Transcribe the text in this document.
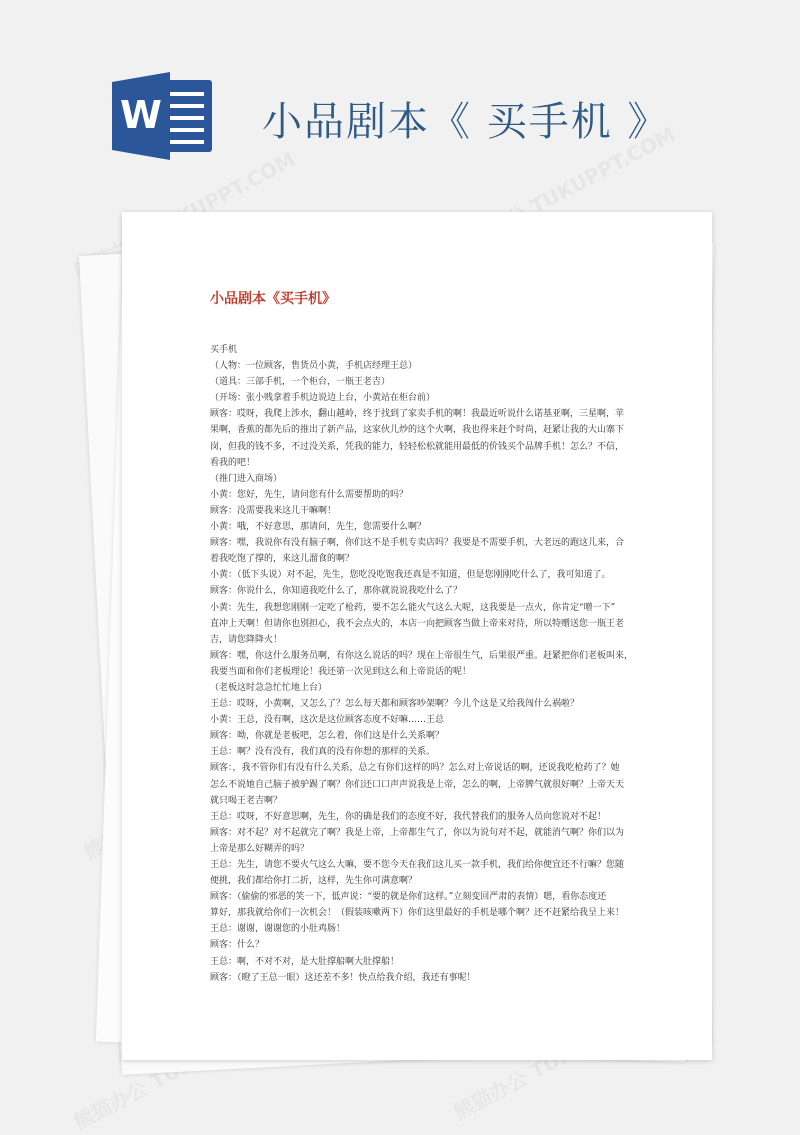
W	小品剧本《 买手机 》
小品剧本《买手机》
买手机
（人物：一位顾客，售货员小黄，手机店经理王总）
（道具：三部手机，一个柜台，一瓶王老吉）
（开场：张小贱拿着手机边说边上台，小黄站在柜台前）
顾客：哎呀，我爬上涉水，翻山越岭，终于找到了家卖手机的啊！我最近听说什么诺基亚啊，三星啊，苹
果啊，香蕉的都先后的推出了新产品，这家伙儿炒的这个火啊，我也得来赶个时尚，赶紧让我的大山寨下
岗，但我的钱不多，不过没关系，凭我的能力，轻轻松松就能用最低的价钱买个品牌手机！怎么？不信，
看我的吧！
（推门进入商场）
小黄：您好，先生，请问您有什么需要帮助的吗？
顾客：没需要我来这儿干嘛啊！
小黄：哦，不好意思，那请问，先生，您需要什么啊？
顾客：嘿，我说你有没有脑子啊，你们这不是手机专卖店吗？我要是不需要手机，大老远的跑这儿来，合
着我吃饱了撑的，来这儿溜食的啊？
小黄：（低下头说）对不起，先生，您吃没吃饱我还真是不知道，但是您刚刚吃什么了，我可知道了。
顾客：你说什么，你知道我吃什么了，那你就说说我吃什么了？
小黄：先生，我想您刚刚一定吃了枪药，要不怎么能火气这么大呢，这我要是一点火，你肯定“噌一下”
直冲上天啊！但请你也别担心，我不会点火的，本店一向把顾客当做上帝来对待，所以特赠送您一瓶王老
吉，请您降降火！
顾客：嘿，你这什么服务员啊，有你这么说话的吗？现在上帝很生气，后果很严重。赶紧把你们老板叫来，
我要当面和你们老板理论！我还第一次见到这么和上帝说话的呢！
（老板这时急急忙忙地上台）
王总：哎呀，小黄啊，又怎么了？怎么每天都和顾客吵架啊？今儿个这是又给我闯什么祸啦？
小黄：王总，没有啊，这次是这位顾客态度不好嘛……王总
顾客：呦，你就是老板吧，怎么着，你们这是什么关系啊？
王总：啊？没有没有，我们真的没有你想的那样的关系。
顾客：，我不管你们有没有什么关系，总之有你们这样的吗？怎么对上帝说话的啊，还说我吃枪药了？她
怎么不说她自己脑子被驴踢了啊？你们还口口声声说我是上帝，怎么的啊，上帝脾气就很好啊？上帝天天
就只喝王老吉啊？
王总：哎呀，不好意思啊，先生，你的确是我们的态度不好，我代替我们的服务人员向您说对不起！
顾客：对不起？对不起就完了啊？我是上帝，上帝都生气了，你以为说句对不起，就能消气啊？你们以为
上帝是那么好糊弄的吗？
王总：先生，请您不要火气这么大嘛，要不您今天在我们这儿买一款手机，我们给你便宜还不行嘛？您随
便挑，我们都给你打二折，这样，先生你可满意啊？
顾客：（偷偷的邪恶的笑一下，低声说：“要的就是你们这样。”立刻变回严肃的表情）嗯，看你态度还
算好，那我就给你们一次机会！（假装咳嗽两下）你们这里最好的手机是哪个啊？还不赶紧给我呈上来！
王总：谢谢，谢谢您的小肚鸡肠！
顾客：什么？
王总：啊，不对不对，是大肚撑船啊大肚撑船！
顾客：（瞪了王总一眼）这还差不多！快点给我介绍，我还有事呢！
